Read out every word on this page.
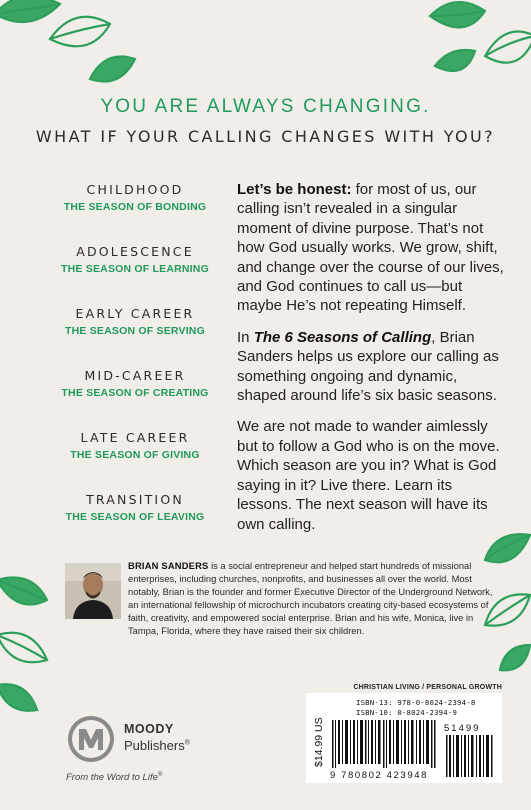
YOU ARE ALWAYS CHANGING.
WHAT IF YOUR CALLING CHANGES WITH YOU?
CHILDHOOD
THE SEASON OF BONDING
ADOLESCENCE
THE SEASON OF LEARNING
EARLY CAREER
THE SEASON OF SERVING
MID-CAREER
THE SEASON OF CREATING
LATE CAREER
THE SEASON OF GIVING
TRANSITION
THE SEASON OF LEAVING

Let’s be honest: for most of us, our calling isn’t revealed in a singular moment of divine purpose. That’s not how God usually works. We grow, shift, and change over the course of our lives, and God continues to call us—but maybe He’s not repeating Himself.

In The 6 Seasons of Calling, Brian Sanders helps us explore our calling as something ongoing and dynamic, shaped around life’s six basic seasons.

We are not made to wander aimlessly but to follow a God who is on the move. Which season are you in? What is God saying in it? Live there. Learn its lessons. The next season will have its own calling.

BRIAN SANDERS is a social entrepreneur and helped start hundreds of missional enterprises, including churches, nonprofits, and businesses all over the world. Most notably, Brian is the founder and former Executive Director of the Underground Network, an international fellowship of microchurch incubators creating city-based ecosystems of faith, creativity, and empowered social enterprise. Brian and his wife, Monica, live in Tampa, Florida, where they have raised their six children.
CHRISTIAN LIVING / PERSONAL GROWTH
MOODY
Publishers®
From the Word to Life®
$14.99 US
ISBN-13: 978-0-8024-2394-8
ISBN-10: 0-8024-2394-9
51499
9 780802 423948
